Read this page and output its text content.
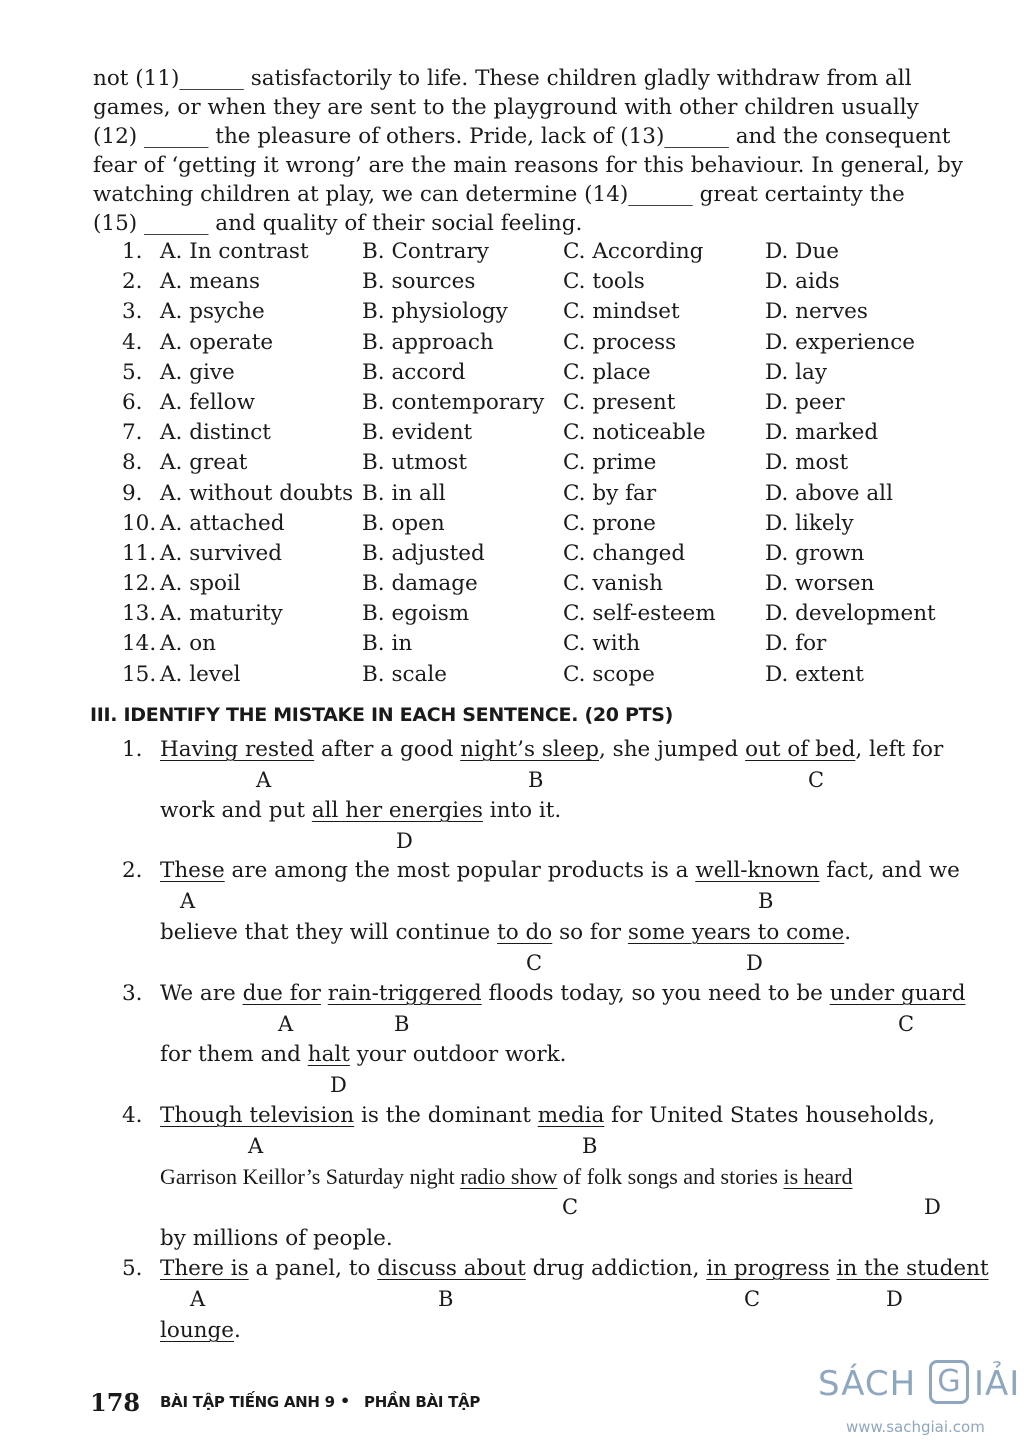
not (11)______ satisfactorily to life. These children gladly withdraw from all

games, or when they are sent to the playground with other children usually

(12) ______ the pleasure of others. Pride, lack of (13)______ and the consequent

fear of ‘getting it wrong’ are the main reasons for this behaviour. In general, by

watching children at play, we can determine (14)______ great certainty the

(15) ______ and quality of their social feeling.

1. A. In contrast B. Contrary	C. According	D. Due
2. A. means	B. sources	C. tools	D. aids
3. A. psyche	B. physiology	C. mindset	D. nerves
4. A. operate	B. approach	C. process	D. experience
5. A. give	B. accord	C. place	D. lay
6. A. fellow	B. contemporary C. present	D. peer
7. A. distinct	B. evident	C. noticeable	D. marked
8. A. great	B. utmost	C. prime	D. most
9. A. without doubts B. in all	C. by far	D. above all
10. A. attached	B. open	C. prone	D. likely
11. A. survived	B. adjusted	C. changed	D. grown
12. A. spoil	B. damage	C. vanish	D. worsen
13. A. maturity	B. egoism	C. self-esteem D. development
14. A. on	B. in	C. with	D. for
15. A. level	B. scale	C. scope	D. extent
III. IDENTIFY THE MISTAKE IN EACH SENTENCE. (20 PTS)
1. Having rested after a good night’s sleep, she jumped out of bed, left for
A	B	C
work and put all her energies into it.
D
2. These are among the most popular products is a well-known fact, and we
A	B
believe that they will continue to do so for some years to come.
C	D
3. We are due for rain-triggered floods today, so you need to be under guard
A	B	C
for them and halt your outdoor work.
D
4. Though television is the dominant media for United States households,
A	B
Garrison Keillor’s Saturday night radio show of folk songs and stories is heard
C	D
by millions of people.
5. There is a panel, to discuss about drug addiction, in progress in the student
A	B	C	D
lounge.
178 BÀI TẬP TIẾNG ANH 9 • PHẦN BÀI TẬP	SÁCH G IẢI
www.sachgiai.com
